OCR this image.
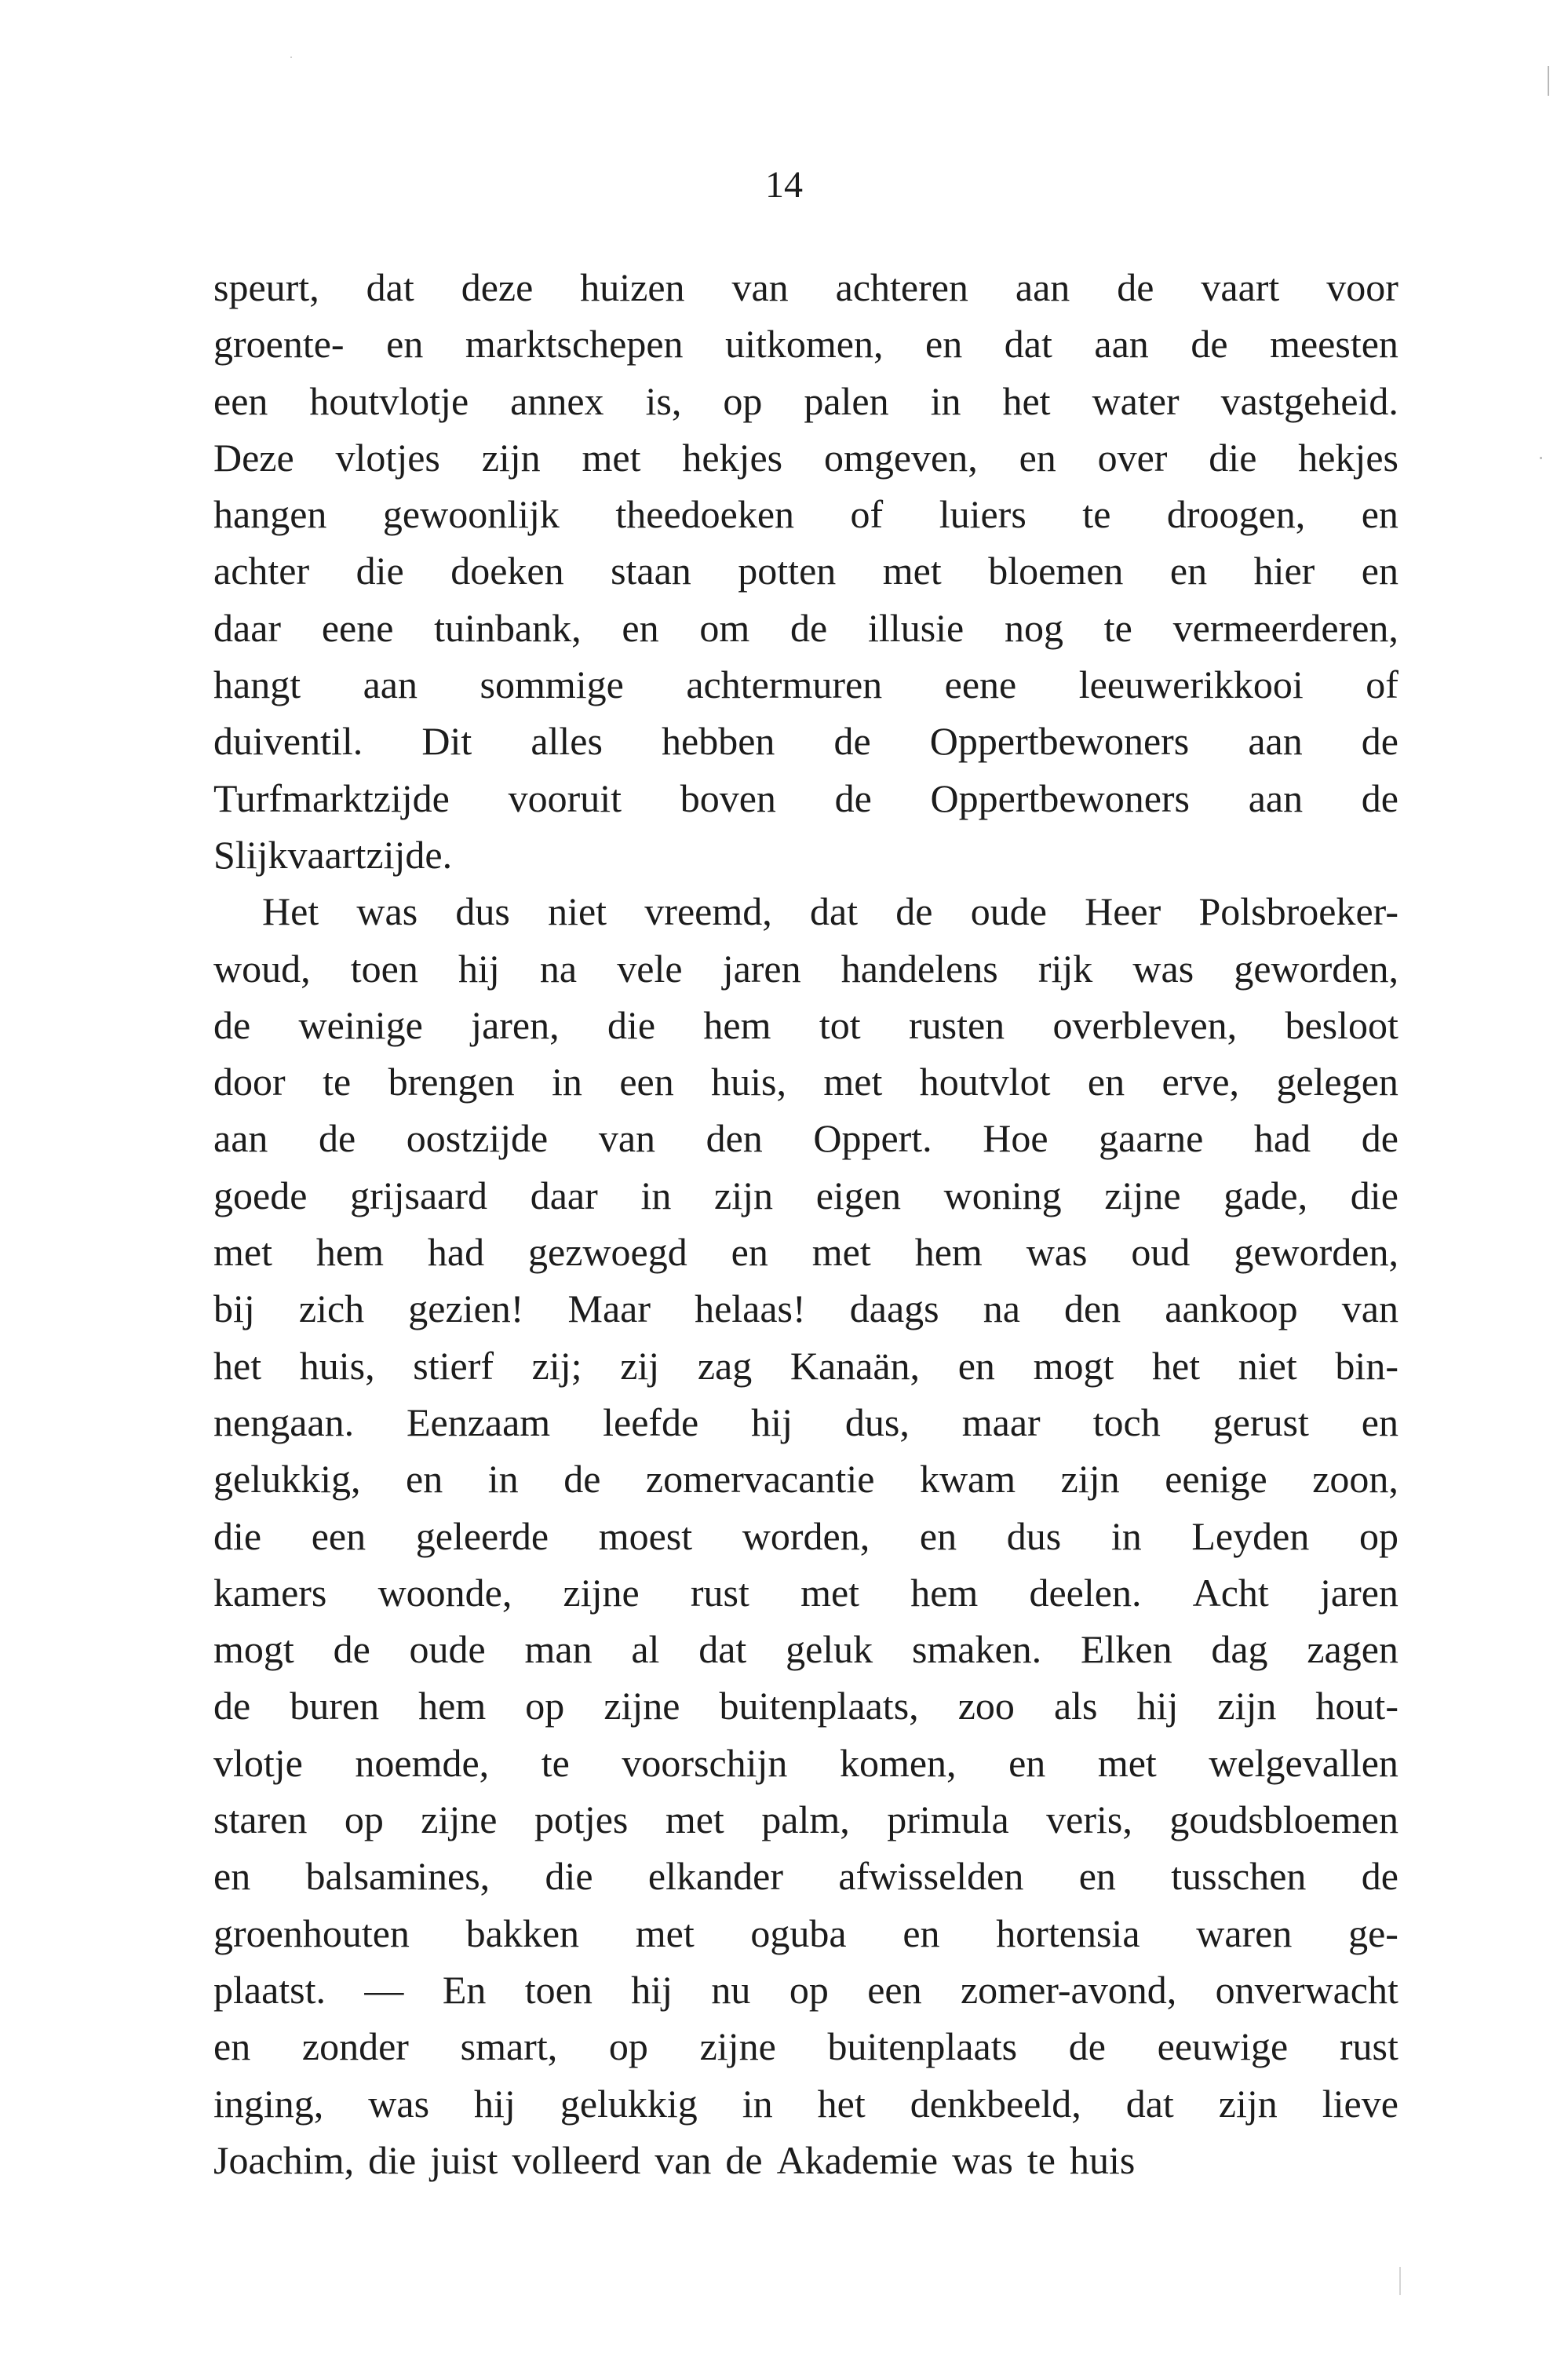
14
speurt, dat deze huizen van achteren aan de vaart voor
groente- en marktschepen uitkomen, en dat aan de meesten
een houtvlotje annex is, op palen in het water vastgeheid.
Deze vlotjes zijn met hekjes omgeven, en over die hekjes
hangen gewoonlijk theedoeken of luiers te droogen, en
achter die doeken staan potten met bloemen en hier en
daar eene tuinbank, en om de illusie nog te vermeerderen,
hangt aan sommige achtermuren eene leeuwerikkooi of
duiventil. Dit alles hebben de Oppertbewoners aan de
Turfmarktzijde vooruit boven de Oppertbewoners aan de
Slijkvaartzijde.
Het was dus niet vreemd, dat de oude Heer Polsbroeker-
woud, toen hij na vele jaren handelens rijk was geworden,
de weinige jaren, die hem tot rusten overbleven, besloot
door te brengen in een huis, met houtvlot en erve, gelegen
aan de oostzijde van den Oppert. Hoe gaarne had de
goede grijsaard daar in zijn eigen woning zijne gade, die
met hem had gezwoegd en met hem was oud geworden,
bij zich gezien! Maar helaas! daags na den aankoop van
het huis, stierf zij; zij zag Kanaän, en mogt het niet bin-
nengaan. Eenzaam leefde hij dus, maar toch gerust en
gelukkig, en in de zomervacantie kwam zijn eenige zoon,
die een geleerde moest worden, en dus in Leyden op
kamers woonde, zijne rust met hem deelen. Acht jaren
mogt de oude man al dat geluk smaken. Elken dag zagen
de buren hem op zijne buitenplaats, zoo als hij zijn hout-
vlotje noemde, te voorschijn komen, en met welgevallen
staren op zijne potjes met palm, primula veris, goudsbloemen
en balsamines, die elkander afwisselden en tusschen de
groenhouten bakken met oguba en hortensia waren ge-
plaatst. — En toen hij nu op een zomer-avond, onverwacht
en zonder smart, op zijne buitenplaats de eeuwige rust
inging, was hij gelukkig in het denkbeeld, dat zijn lieve
Joachim, die juist volleerd van de Akademie was te huis
